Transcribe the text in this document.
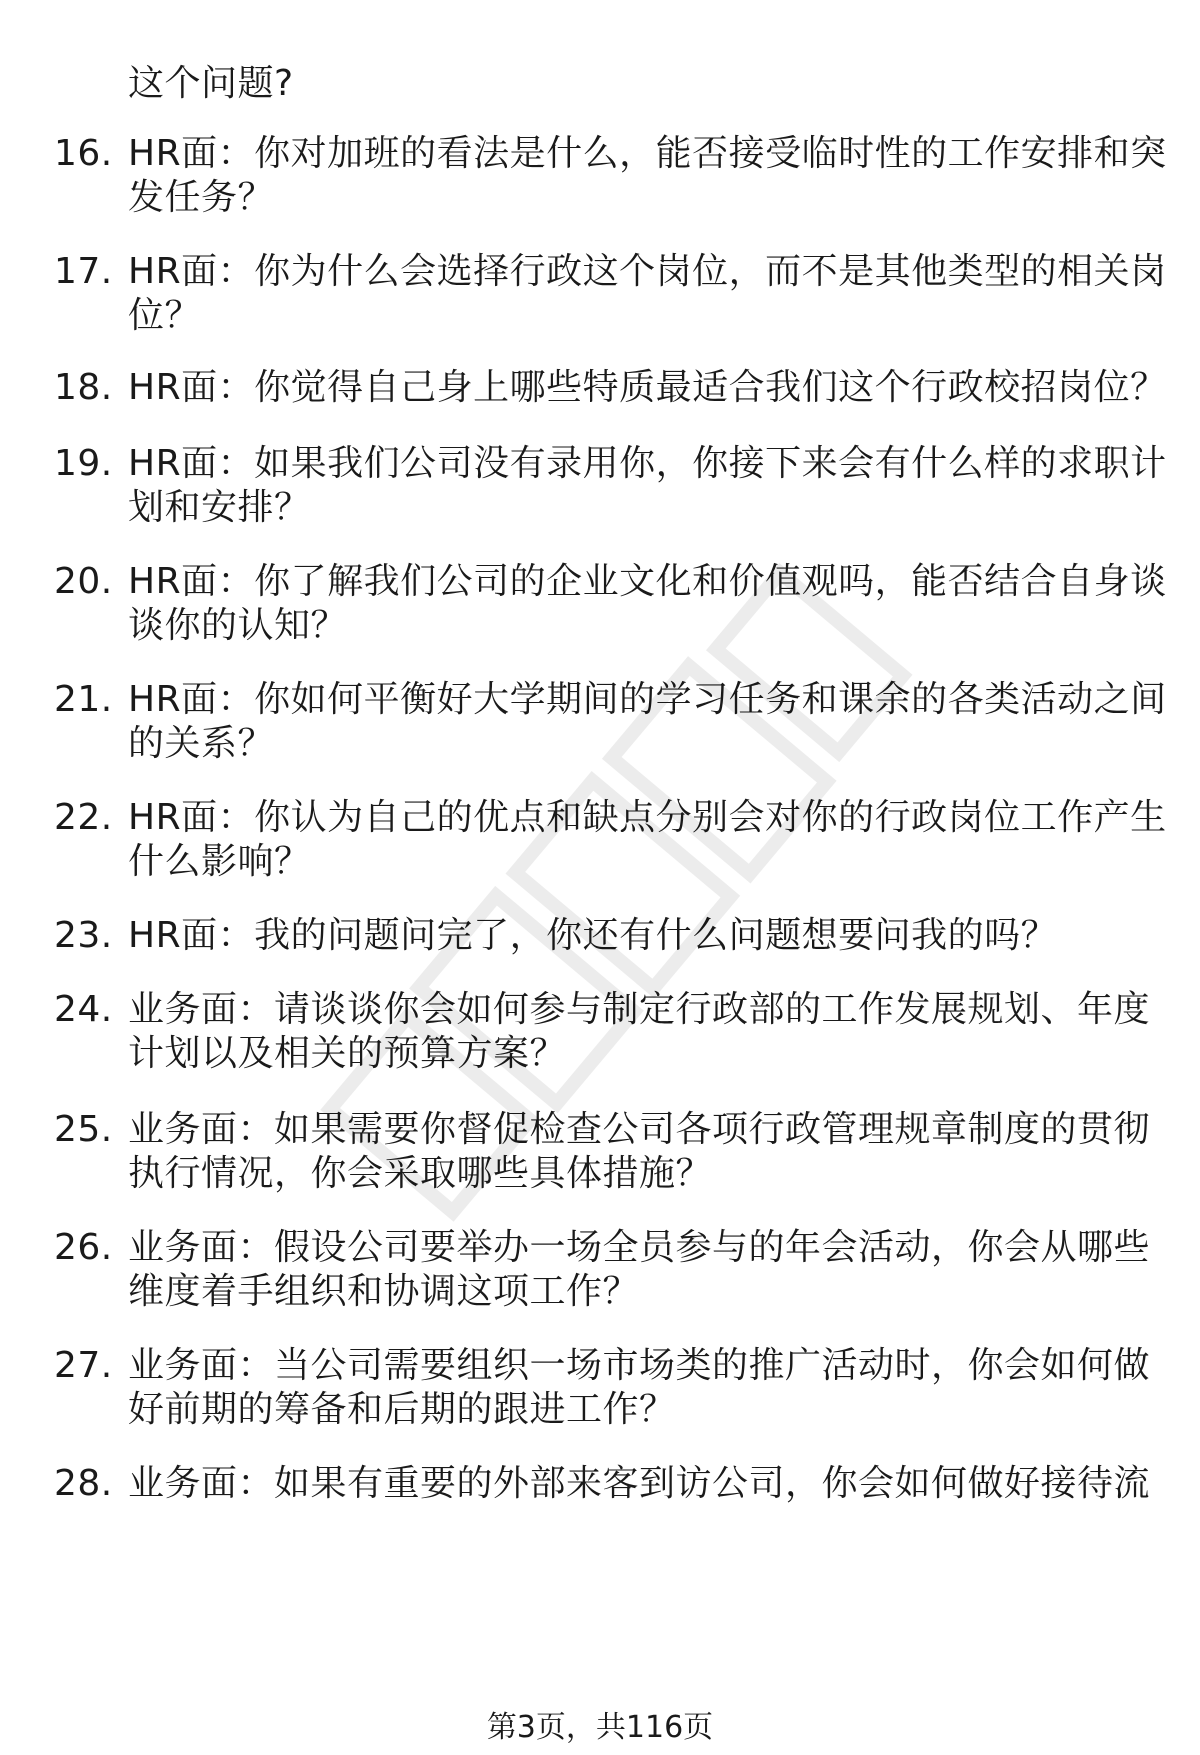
这个问题?
16. HR面：你对加班的看法是什么，能否接受临时性的工作安排和突
发任务？
17. HR面：你为什么会选择行政这个岗位，而不是其他类型的相关岗
位？
18. HR面：你觉得自己身上哪些特质最适合我们这个行政校招岗位？
19. HR面：如果我们公司没有录用你，你接下来会有什么样的求职计
划和安排？
20. HR面：你了解我们公司的企业文化和价值观吗，能否结合自身谈
谈你的认知？
21. HR面：你如何平衡好大学期间的学习任务和课余的各类活动之间
的关系？
22. HR面：你认为自己的优点和缺点分别会对你的行政岗位工作产生
什么影响？
23. HR面：我的问题问完了，你还有什么问题想要问我的吗？
24. 业务面：请谈谈你会如何参与制定行政部的工作发展规划、年度
计划以及相关的预算方案？
25. 业务面：如果需要你督促检查公司各项行政管理规章制度的贯彻
执行情况，你会采取哪些具体措施？
26. 业务面：假设公司要举办一场全员参与的年会活动，你会从哪些
维度着手组织和协调这项工作？
27. 业务面：当公司需要组织一场市场类的推广活动时，你会如何做
好前期的筹备和后期的跟进工作？
28. 业务面：如果有重要的外部来客到访公司，你会如何做好接待流
第3页，共116页
